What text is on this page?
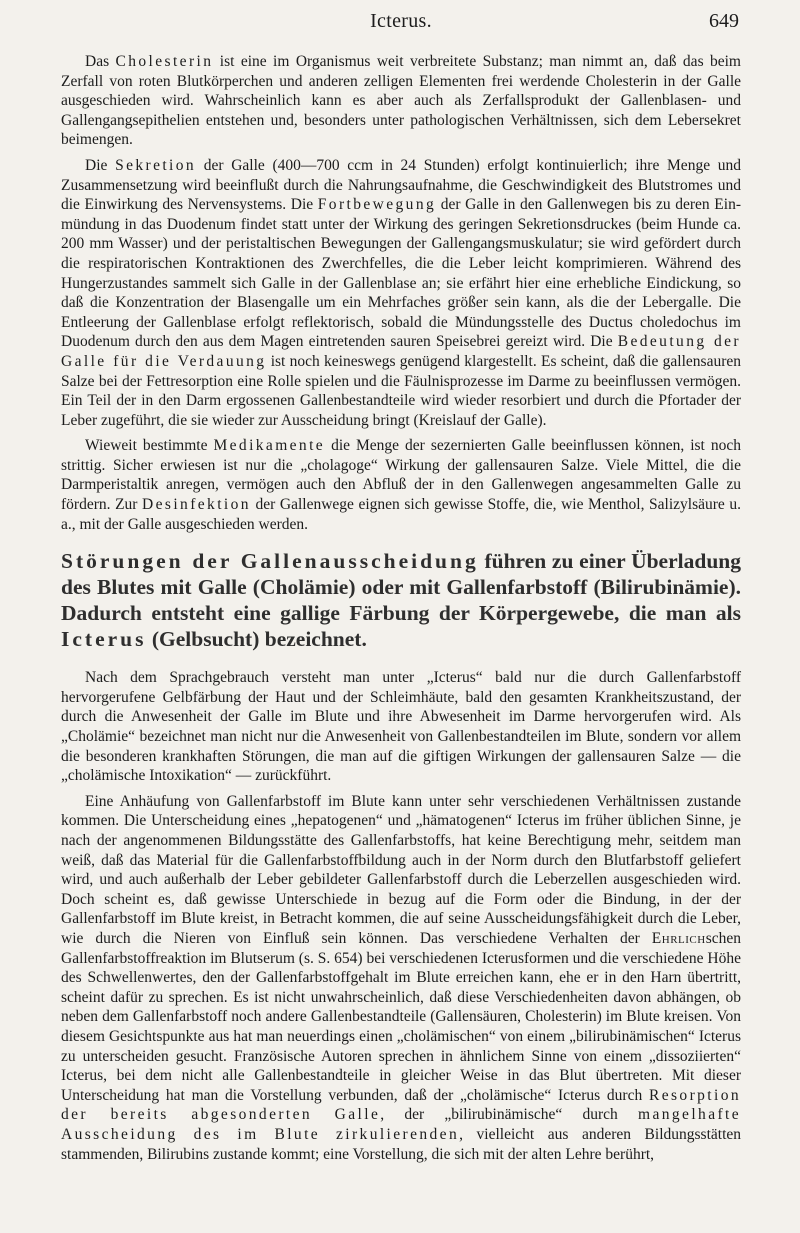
Icterus.	649

Das Cholesterin ist eine im Organismus weit verbreitete Substanz; man nimmt an, daß das beim Zerfall von roten Blutkörperchen und anderen zelligen Elementen frei werdende Cholesterin in der Galle ausgeschieden wird. Wahrscheinlich kann es aber auch als Zerfallsprodukt der Gallenblasen- und Gallengangsepithelien entstehen und, besonders unter pathologischen Verhältnissen, sich dem Lebersekret beimengen.

Die Sekretion der Galle (400—700 ccm in 24 Stunden) erfolgt kontinuierlich; ihre Menge und Zusammensetzung wird beeinflußt durch die Nahrungsaufnahme, die Geschwindigkeit des Blutstromes und die Einwirkung des Nervensystems. Die Fortbewegung der Galle in den Gallenwegen bis zu deren Einmündung in das Duodenum findet statt unter der Wirkung des geringen Sekretionsdruckes (beim Hunde ca. 200 mm Wasser) und der peristaltischen Bewegungen der Gallengangsmuskulatur; sie wird gefördert durch die respiratorischen Kontraktionen des Zwerchfelles, die die Leber leicht komprimieren. Während des Hungerzustandes sammelt sich Galle in der Gallenblase an; sie erfährt hier eine erhebliche Eindickung, so daß die Konzentration der Blasengalle um ein Mehrfaches größer sein kann, als die der Lebergalle. Die Entleerung der Gallenblase erfolgt reflektorisch, sobald die Mündungsstelle des Ductus choledochus im Duodenum durch den aus dem Magen eintretenden sauren Speisebrei gereizt wird. Die Bedeutung der Galle für die Verdauung ist noch keineswegs genügend klargestellt. Es scheint, daß die gallensauren Salze bei der Fettresorption eine Rolle spielen und die Fäulnisprozesse im Darme zu beeinflussen vermögen. Ein Teil der in den Darm ergossenen Gallenbestandteile wird wieder resorbiert und durch die Pfortader der Leber zugeführt, die sie wieder zur Ausscheidung bringt (Kreislauf der Galle).

Wieweit bestimmte Medikamente die Menge der sezernierten Galle beeinflussen können, ist noch strittig. Sicher erwiesen ist nur die „cholagoge“ Wirkung der gallensauren Salze. Viele Mittel, die die Darmperistaltik anregen, vermögen auch den Abfluß der in den Gallenwegen angesammelten Galle zu fördern. Zur Desinfektion der Gallenwege eignen sich gewisse Stoffe, die, wie Menthol, Salizylsäure u. a., mit der Galle ausgeschieden werden.

Störungen der Gallenausscheidung führen zu einer Überladung des Blutes mit Galle (Cholämie) oder mit Gallenfarbstoff (Bilirubinämie). Dadurch entsteht eine gallige Färbung der Körpergewebe, die man als Icterus (Gelbsucht) bezeichnet.

Nach dem Sprachgebrauch versteht man unter „Icterus“ bald nur die durch Gallenfarbstoff hervorgerufene Gelbfärbung der Haut und der Schleimhäute, bald den gesamten Krankheitszustand, der durch die Anwesenheit der Galle im Blute und ihre Abwesenheit im Darme hervorgerufen wird. Als „Cholämie“ bezeichnet man nicht nur die Anwesenheit von Gallenbestandteilen im Blute, sondern vor allem die besonderen krankhaften Störungen, die man auf die giftigen Wirkungen der gallensauren Salze — die „cholämische Intoxikation“ — zurückführt.

Eine Anhäufung von Gallenfarbstoff im Blute kann unter sehr verschiedenen Verhältnissen zustande kommen. Die Unterscheidung eines „hepatogenen“ und „hämatogenen“ Icterus im früher üblichen Sinne, je nach der angenommenen Bildungsstätte des Gallenfarbstoffs, hat keine Berechtigung mehr, seitdem man weiß, daß das Material für die Gallenfarbstoffbildung auch in der Norm durch den Blutfarbstoff geliefert wird, und auch außerhalb der Leber gebildeter Gallenfarbstoff durch die Leberzellen ausgeschieden wird. Doch scheint es, daß gewisse Unterschiede in bezug auf die Form oder die Bindung, in der der Gallenfarbstoff im Blute kreist, in Betracht kommen, die auf seine Ausscheidungsfähigkeit durch die Leber, wie durch die Nieren von Einfluß sein können. Das verschiedene Verhalten der Ehrlichschen Gallenfarbstoffreaktion im Blutserum (s. S. 654) bei verschiedenen Icterusformen und die verschiedene Höhe des Schwellenwertes, den der Gallenfarbstoffgehalt im Blute erreichen kann, ehe er in den Harn übertritt, scheint dafür zu sprechen. Es ist nicht unwahrscheinlich, daß diese Verschiedenheiten davon abhängen, ob neben dem Gallenfarbstoff noch andere Gallenbestandteile (Gallensäuren, Cholesterin) im Blute kreisen. Von diesem Gesichtspunkte aus hat man neuerdings einen „cholämischen“ von einem „bilirubinämischen“ Icterus zu unterscheiden gesucht. Französische Autoren sprechen in ähnlichem Sinne von einem „dissoziierten“ Icterus, bei dem nicht alle Gallenbestandteile in gleicher Weise in das Blut übertreten. Mit dieser Unterscheidung hat man die Vorstellung verbunden, daß der „cholämische“ Icterus durch Resorption der bereits abgesonderten Galle, der „bilirubinämische“ durch mangelhafte Ausscheidung des im Blute zirkulierenden, vielleicht aus anderen Bildungsstätten stammenden, Bilirubins zustande kommt; eine Vorstellung, die sich mit der alten Lehre berührt,
